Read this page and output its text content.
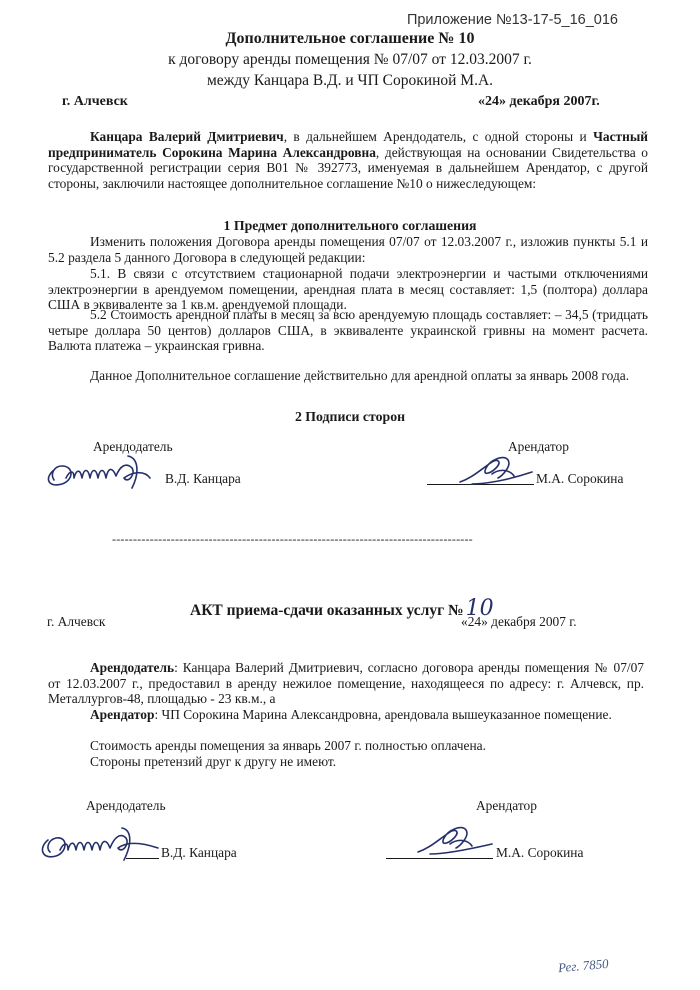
Приложение №13-17-5_16_016
Дополнительное соглашение № 10
к договору аренды помещения № 07/07 от 12.03.2007 г.
между Канцара В.Д. и ЧП Сорокиной М.А.
г. Алчевск	«24» декабря 2007г.

Канцара Валерий Дмитриевич, в дальнейшем Арендодатель, с одной стороны и Частный предприниматель Сорокина Марина Александровна, действующая на основании Свидетельства о государственной регистрации серия В01 № 392773, именуемая в дальнейшем Арендатор, с другой стороны, заключили настоящее дополнительное соглашение №10 о нижеследующем:

1 Предмет дополнительного соглашения

Изменить положения Договора аренды помещения 07/07 от 12.03.2007 г., изложив пункты 5.1 и 5.2 раздела 5 данного Договора в следующей редакции:

5.1. В связи с отсутствием стационарной подачи электроэнергии и частыми отключениями электроэнергии в арендуемом помещении, арендная плата в месяц составляет: 1,5 (полтора) доллара США в эквиваленте за 1 кв.м. арендуемой площади.

5.2 Стоимость арендной платы в месяц за всю арендуемую площадь составляет: – 34,5 (тридцать четыре доллара 50 центов) долларов США, в эквиваленте украинской гривны на момент расчета. Валюта платежа – украинская гривна.

Данное Дополнительное соглашение действительно для арендной оплаты за январь 2008 года.

2 Подписи сторон
Арендодатель	Арендатор
В.Д. Канцара	М.А. Сорокина
--------------------------------------------------------------------------------------
АКТ приема-сдачи оказанных услуг №10
г. Алчевск	«24» декабря 2007 г.

Арендодатель: Канцара Валерий Дмитриевич, согласно договора аренды помещения № 07/07 от 12.03.2007 г., предоставил в аренду нежилое помещение, находящееся по адресу: г. Алчевск, пр. Металлургов-48, площадью - 23 кв.м., а

Арендатор: ЧП Сорокина Марина Александровна, арендовала вышеуказанное помещение.

Стоимость аренды помещения за январь 2007 г. полностью оплачена.

Стороны претензий друг к другу не имеют.

Арендодатель	Арендатор
В.Д. Канцара	М.А. Сорокина
Рег. 7850
